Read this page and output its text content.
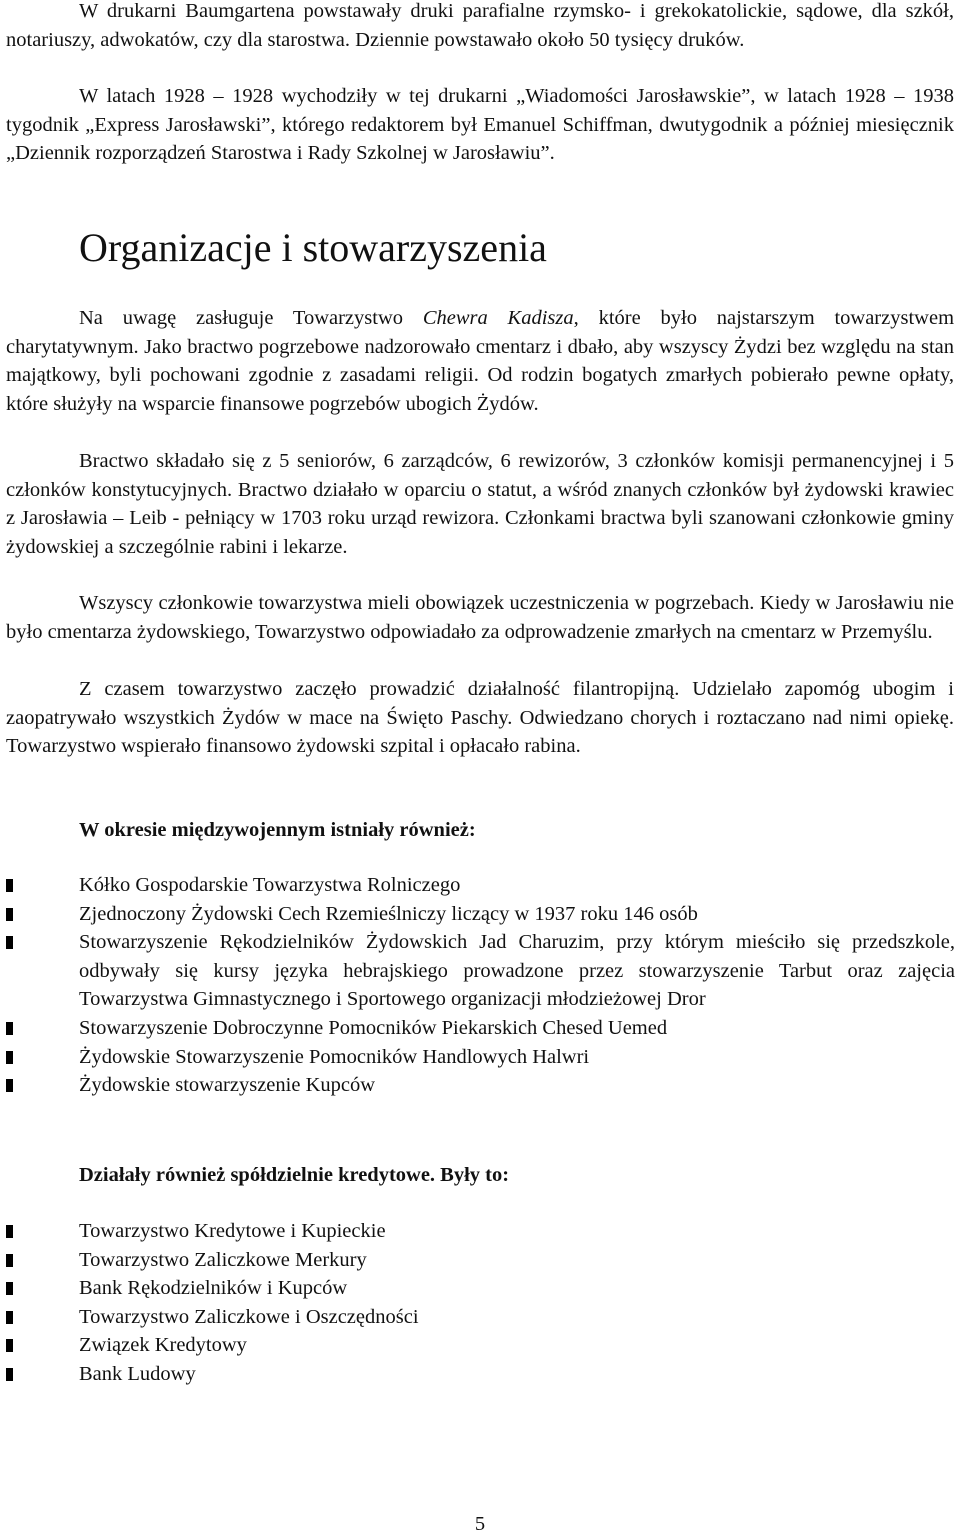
W drukarni Baumgartena powstawały druki parafialne rzymsko- i grekokatolickie, sądowe, dla szkół, notariuszy, adwokatów, czy dla starostwa. Dziennie powstawało około 50 tysięcy druków.

W latach 1928 – 1928 wychodziły w tej drukarni „Wiadomości Jarosławskie”, w latach 1928 – 1938 tygodnik „Express Jarosławski”, którego redaktorem był Emanuel Schiffman, dwutygodnik a później miesięcznik „Dziennik rozporządzeń Starostwa i Rady Szkolnej w Jarosławiu”.

Organizacje i stowarzyszenia

Na uwagę zasługuje Towarzystwo Chewra Kadisza, które było najstarszym towarzystwem charytatywnym. Jako bractwo pogrzebowe nadzorowało cmentarz i dbało, aby wszyscy Żydzi bez względu na stan majątkowy, byli pochowani zgodnie z zasadami religii. Od rodzin bogatych zmarłych pobierało pewne opłaty, które służyły na wsparcie finansowe pogrzebów ubogich Żydów.

Bractwo składało się z 5 seniorów, 6 zarządców, 6 rewizorów, 3 członków komisji permanencyjnej i 5 członków konstytucyjnych. Bractwo działało w oparciu o statut, a wśród znanych członków był żydowski krawiec z Jarosławia – Leib - pełniący w 1703 roku urząd rewizora. Członkami bractwa byli szanowani członkowie gminy żydowskiej a szczególnie rabini i lekarze.

Wszyscy członkowie towarzystwa mieli obowiązek uczestniczenia w pogrzebach. Kiedy w Jarosławiu nie było cmentarza żydowskiego, Towarzystwo odpowiadało za odprowadzenie zmarłych na cmentarz w Przemyślu.

Z czasem towarzystwo zaczęło prowadzić działalność filantropijną. Udzielało zapomóg ubogim i zaopatrywało wszystkich Żydów w mace na Święto Paschy. Odwiedzano chorych i roztaczano nad nimi opiekę. Towarzystwo wspierało finansowo żydowski szpital i opłacało rabina.

W okresie międzywojennym istniały również:
Kółko Gospodarskie Towarzystwa Rolniczego
Zjednoczony Żydowski Cech Rzemieślniczy liczący w 1937 roku 146 osób
Stowarzyszenie Rękodzielników Żydowskich Jad Charuzim, przy którym mieściło się przedszkole, odbywały się kursy języka hebrajskiego prowadzone przez stowarzyszenie Tarbut oraz zajęcia Towarzystwa Gimnastycznego i Sportowego organizacji młodzieżowej Dror
Stowarzyszenie Dobroczynne Pomocników Piekarskich Chesed Uemed
Żydowskie Stowarzyszenie Pomocników Handlowych Halwri
Żydowskie stowarzyszenie Kupców
Działały również spółdzielnie kredytowe. Były to:
Towarzystwo Kredytowe i Kupieckie
Towarzystwo Zaliczkowe Merkury
Bank Rękodzielników i Kupców
Towarzystwo Zaliczkowe i Oszczędności
Związek Kredytowy
Bank Ludowy
5
